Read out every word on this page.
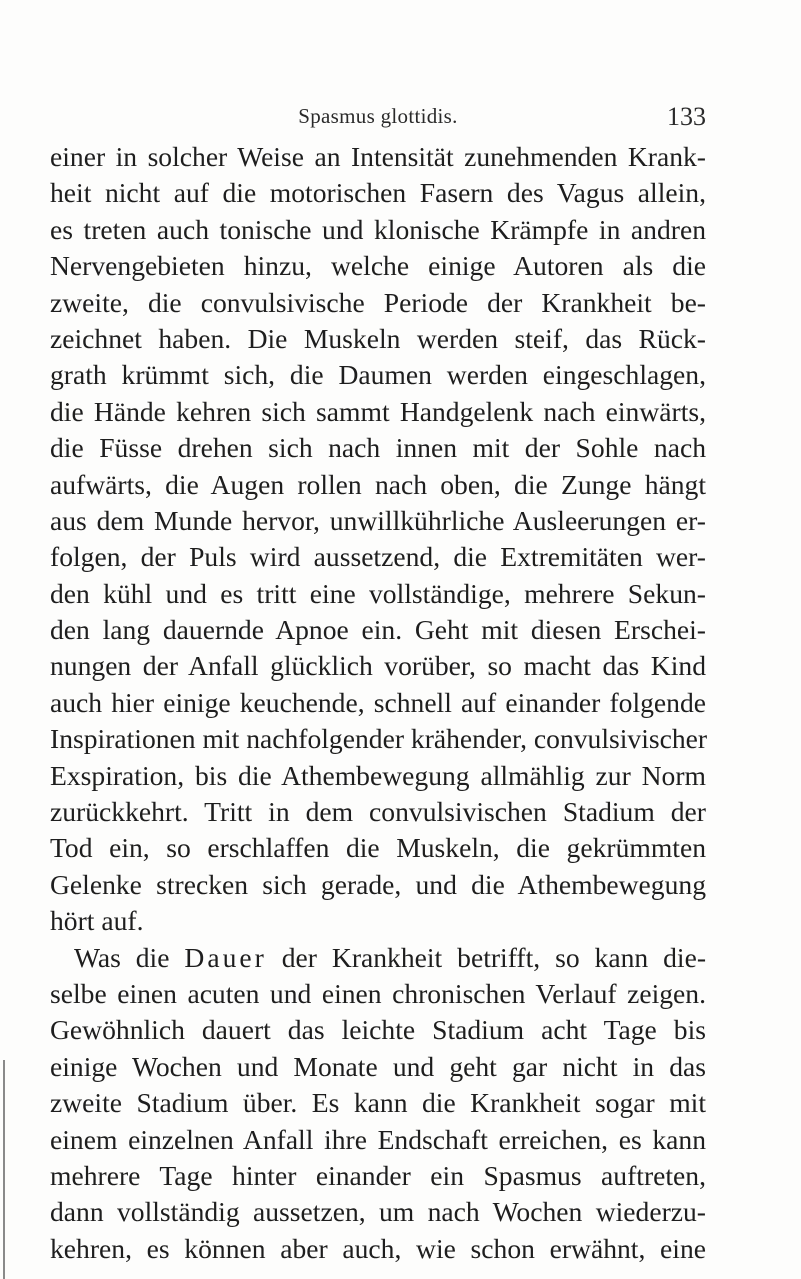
Spasmus glottidis.	133
einer in solcher Weise an Intensität zunehmenden Krank-
heit nicht auf die motorischen Fasern des Vagus allein,
es treten auch tonische und klonische Krämpfe in andren
Nervengebieten hinzu, welche einige Autoren als die
zweite, die convulsivische Periode der Krankheit be-
zeichnet haben. Die Muskeln werden steif, das Rück-
grath krümmt sich, die Daumen werden eingeschlagen,
die Hände kehren sich sammt Handgelenk nach einwärts,
die Füsse drehen sich nach innen mit der Sohle nach
aufwärts, die Augen rollen nach oben, die Zunge hängt
aus dem Munde hervor, unwillkührliche Ausleerungen er-
folgen, der Puls wird aussetzend, die Extremitäten wer-
den kühl und es tritt eine vollständige, mehrere Sekun-
den lang dauernde Apnoe ein. Geht mit diesen Erschei-
nungen der Anfall glücklich vorüber, so macht das Kind
auch hier einige keuchende, schnell auf einander folgende
Inspirationen mit nachfolgender krähender, convulsivischer
Exspiration, bis die Athembewegung allmählig zur Norm
zurückkehrt. Tritt in dem convulsivischen Stadium der
Tod ein, so erschlaffen die Muskeln, die gekrümmten
Gelenke strecken sich gerade, und die Athembewegung
hört auf.
Was die Dauer der Krankheit betrifft, so kann die-
selbe einen acuten und einen chronischen Verlauf zeigen.
Gewöhnlich dauert das leichte Stadium acht Tage bis
einige Wochen und Monate und geht gar nicht in das
zweite Stadium über. Es kann die Krankheit sogar mit
einem einzelnen Anfall ihre Endschaft erreichen, es kann
mehrere Tage hinter einander ein Spasmus auftreten,
dann vollständig aussetzen, um nach Wochen wiederzu-
kehren, es können aber auch, wie schon erwähnt, eine
